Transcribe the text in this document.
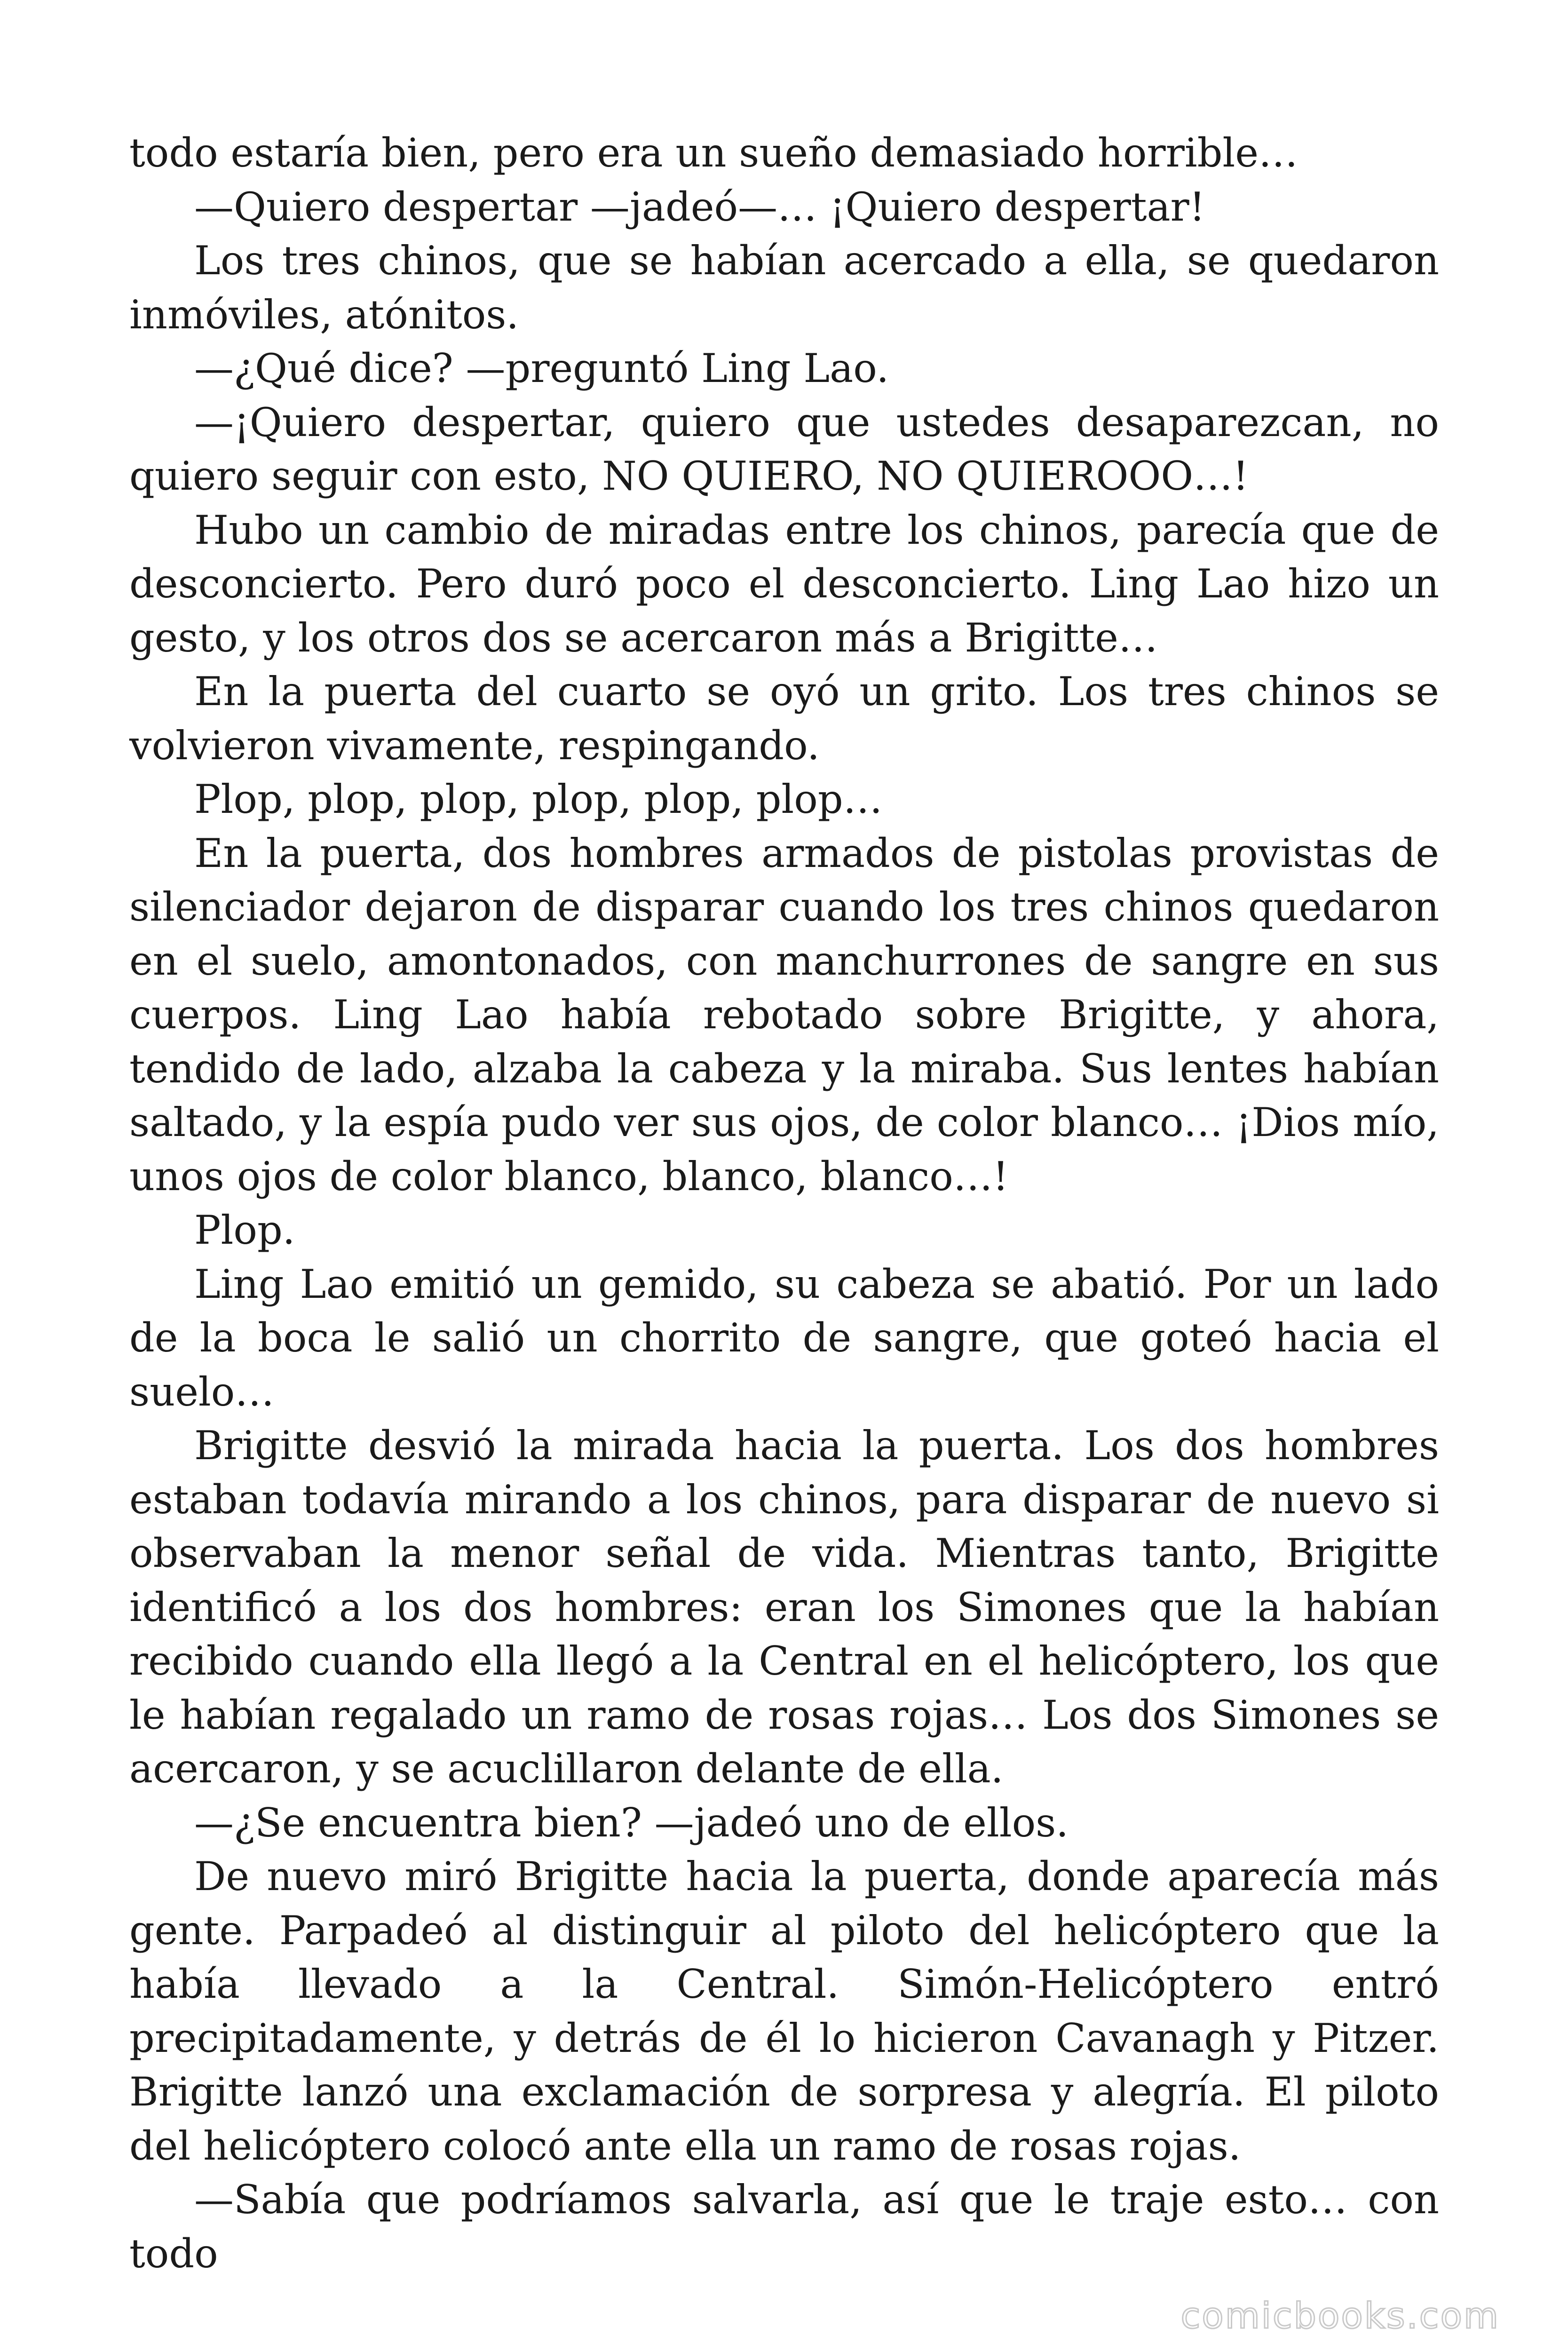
todo estaría bien, pero era un sueño demasiado horrible…

—Quiero despertar —jadeó—… ¡Quiero despertar!

Los tres chinos, que se habían acercado a ella, se quedaron inmóviles, atónitos.

—¿Qué dice? —preguntó Ling Lao.

—¡Quiero despertar, quiero que ustedes desaparezcan, no quiero seguir con esto, NO QUIERO, NO QUIEROOO…!

Hubo un cambio de miradas entre los chinos, parecía que de desconcierto. Pero duró poco el desconcierto. Ling Lao hizo un gesto, y los otros dos se acercaron más a Brigitte…

En la puerta del cuarto se oyó un grito. Los tres chinos se volvieron vivamente, respingando.

Plop, plop, plop, plop, plop, plop…

En la puerta, dos hombres armados de pistolas provistas de silenciador dejaron de disparar cuando los tres chinos quedaron en el suelo, amontonados, con manchurrones de sangre en sus cuerpos. Ling Lao había rebotado sobre Brigitte, y ahora, tendido de lado, alzaba la cabeza y la miraba. Sus lentes habían saltado, y la espía pudo ver sus ojos, de color blanco… ¡Dios mío, unos ojos de color blanco, blanco, blanco…!

Plop.

Ling Lao emitió un gemido, su cabeza se abatió. Por un lado de la boca le salió un chorrito de sangre, que goteó hacia el suelo…

Brigitte desvió la mirada hacia la puerta. Los dos hombres estaban todavía mirando a los chinos, para disparar de nuevo si observaban la menor señal de vida. Mientras tanto, Brigitte identificó a los dos hombres: eran los Simones que la habían recibido cuando ella llegó a la Central en el helicóptero, los que le habían regalado un ramo de rosas rojas… Los dos Simones se acercaron, y se acuclillaron delante de ella.

—¿Se encuentra bien? —jadeó uno de ellos.

De nuevo miró Brigitte hacia la puerta, donde aparecía más gente. Parpadeó al distinguir al piloto del helicóptero que la había llevado a la Central. Simón-Helicóptero entró precipitadamente, y detrás de él lo hicieron Cavanagh y Pitzer. Brigitte lanzó una exclamación de sorpresa y alegría. El piloto del helicóptero colocó ante ella un ramo de rosas rojas.

—Sabía que podríamos salvarla, así que le traje esto… con todo

comicbooks.com
